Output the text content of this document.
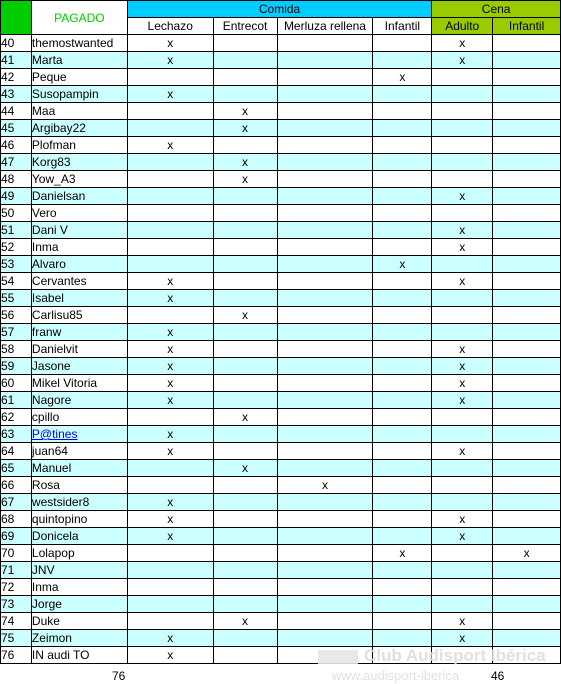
	PAGADO	Comida				Cena	
		Lechazo	Entrecot	Merluza rellena	Infantil	Adulto	Infantil
40	themostwanted	x				x	
41	Marta	x				x	
42	Peque				x		
43	Susopampin	x					
44	Maa		x				
45	Argibay22		x				
46	Plofman	x					
47	Korg83		x				
48	Yow_A3		x				
49	Danielsan					x	
50	Vero						
51	Dani V					x	
52	Inma					x	
53	Alvaro				x		
54	Cervantes	x				x	
55	Isabel	x					
56	Carlisu85		x				
57	franw	x					
58	Danielvit	x				x	
59	Jasone	x				x	
60	Mikel Vitoria	x				x	
61	Nagore	x				x	
62	cpillo		x				
63	P@tines	x					
64	juan64	x				x	
65	Manuel		x				
66	Rosa			x			
67	westsider8	x					
68	quintopino	x				x	
69	Donicela	x				x	
70	Lolapop				x		x
71	JNV						
72	Inma						
73	Jorge						
74	Duke		x			x	
75	Zeimon	x				x	
76	IN audi TO	x					
76	46
Club Audisport Ibérica
www.audisport-iberica
